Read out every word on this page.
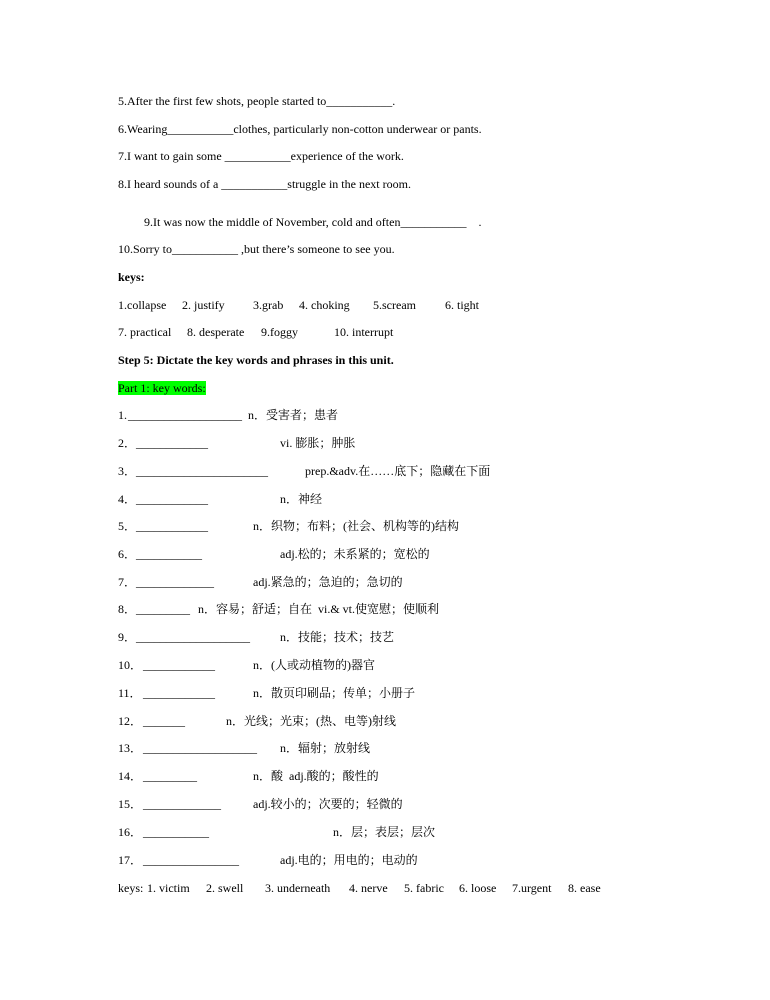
5.After the first few shots, people started to___________.
6.Wearing___________clothes, particularly non-cotton underwear or pants.
7.I want to gain some ___________experience of the work.
8.I heard sounds of a ___________struggle in the next room.
9.It was now the middle of November, cold and often___________    .
10.Sorry to___________ ,but there’s someone to see you.
keys:
1.collapse 2. justify 3.grab 4. choking 5.scream 6. tight
7. practical 8. desperate 9.foggy	10. interrupt
Step 5: Dictate the key words and phrases in this unit.
Part 1: key words:
1. ___________________ n．受害者；患者
2． ____________	vi. 膨胀；肿胀
3． ______________________	prep.&adv.在……底下；隐藏在下面
4． ____________	n．神经
5． ____________	n．织物；布料；(社会、机构等的)结构
6． ___________	adj.松的；未系紧的；宽松的
7． _____________	adj.紧急的；急迫的；急切的
8． _________ n．容易；舒适；自在  vi.& vt.使宽慰；使顺利
9． ___________________	n．技能；技术；技艺
10． ____________	n．(人或动植物的)器官
11． ____________	n．散页印刷品；传单；小册子
12． _______	n．光线；光束；(热、电等)射线
13． ___________________ n．辐射；放射线
14． _________	n．酸  adj.酸的；酸性的
15． _____________	adj.较小的；次要的；轻微的
16． ___________	n．层；表层；层次
17． ________________	adj.电的；用电的；电动的
keys: 1. victim 2. swell 3. underneath 4. nerve 5. fabric 6. loose 7.urgent 8. ease
